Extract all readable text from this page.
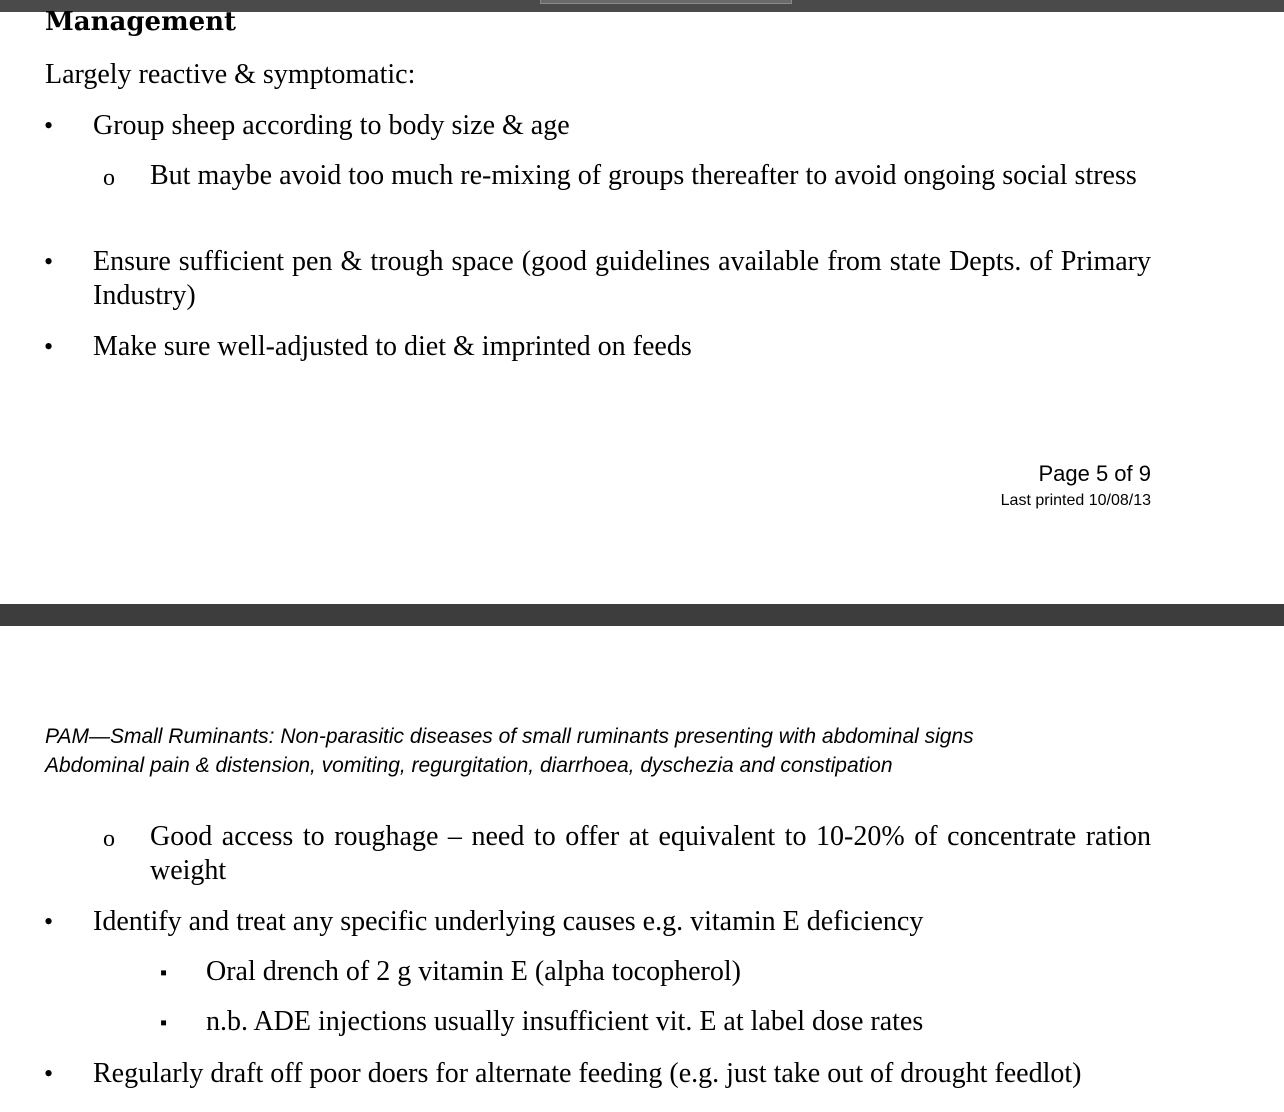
Management
Largely reactive & symptomatic:
• Group sheep according to body size & age
o But maybe avoid too much re-mixing of groups thereafter to avoid ongoing social stress
• Ensure sufficient pen & trough space (good guidelines available from state Depts. of Primary Industry)
• Make sure well-adjusted to diet & imprinted on feeds
Page 5 of 9
Last printed 10/08/13
PAM—Small Ruminants: Non-parasitic diseases of small ruminants presenting with abdominal signs
Abdominal pain & distension, vomiting, regurgitation, diarrhoea, dyschezia and constipation
o Good access to roughage – need to offer at equivalent to 10-20% of concentrate ration weight
• Identify and treat any specific underlying causes e.g. vitamin E deficiency
▪ Oral drench of 2 g vitamin E (alpha tocopherol)
▪ n.b. ADE injections usually insufficient vit. E at label dose rates
• Regularly draft off poor doers for alternate feeding (e.g. just take out of drought feedlot)
